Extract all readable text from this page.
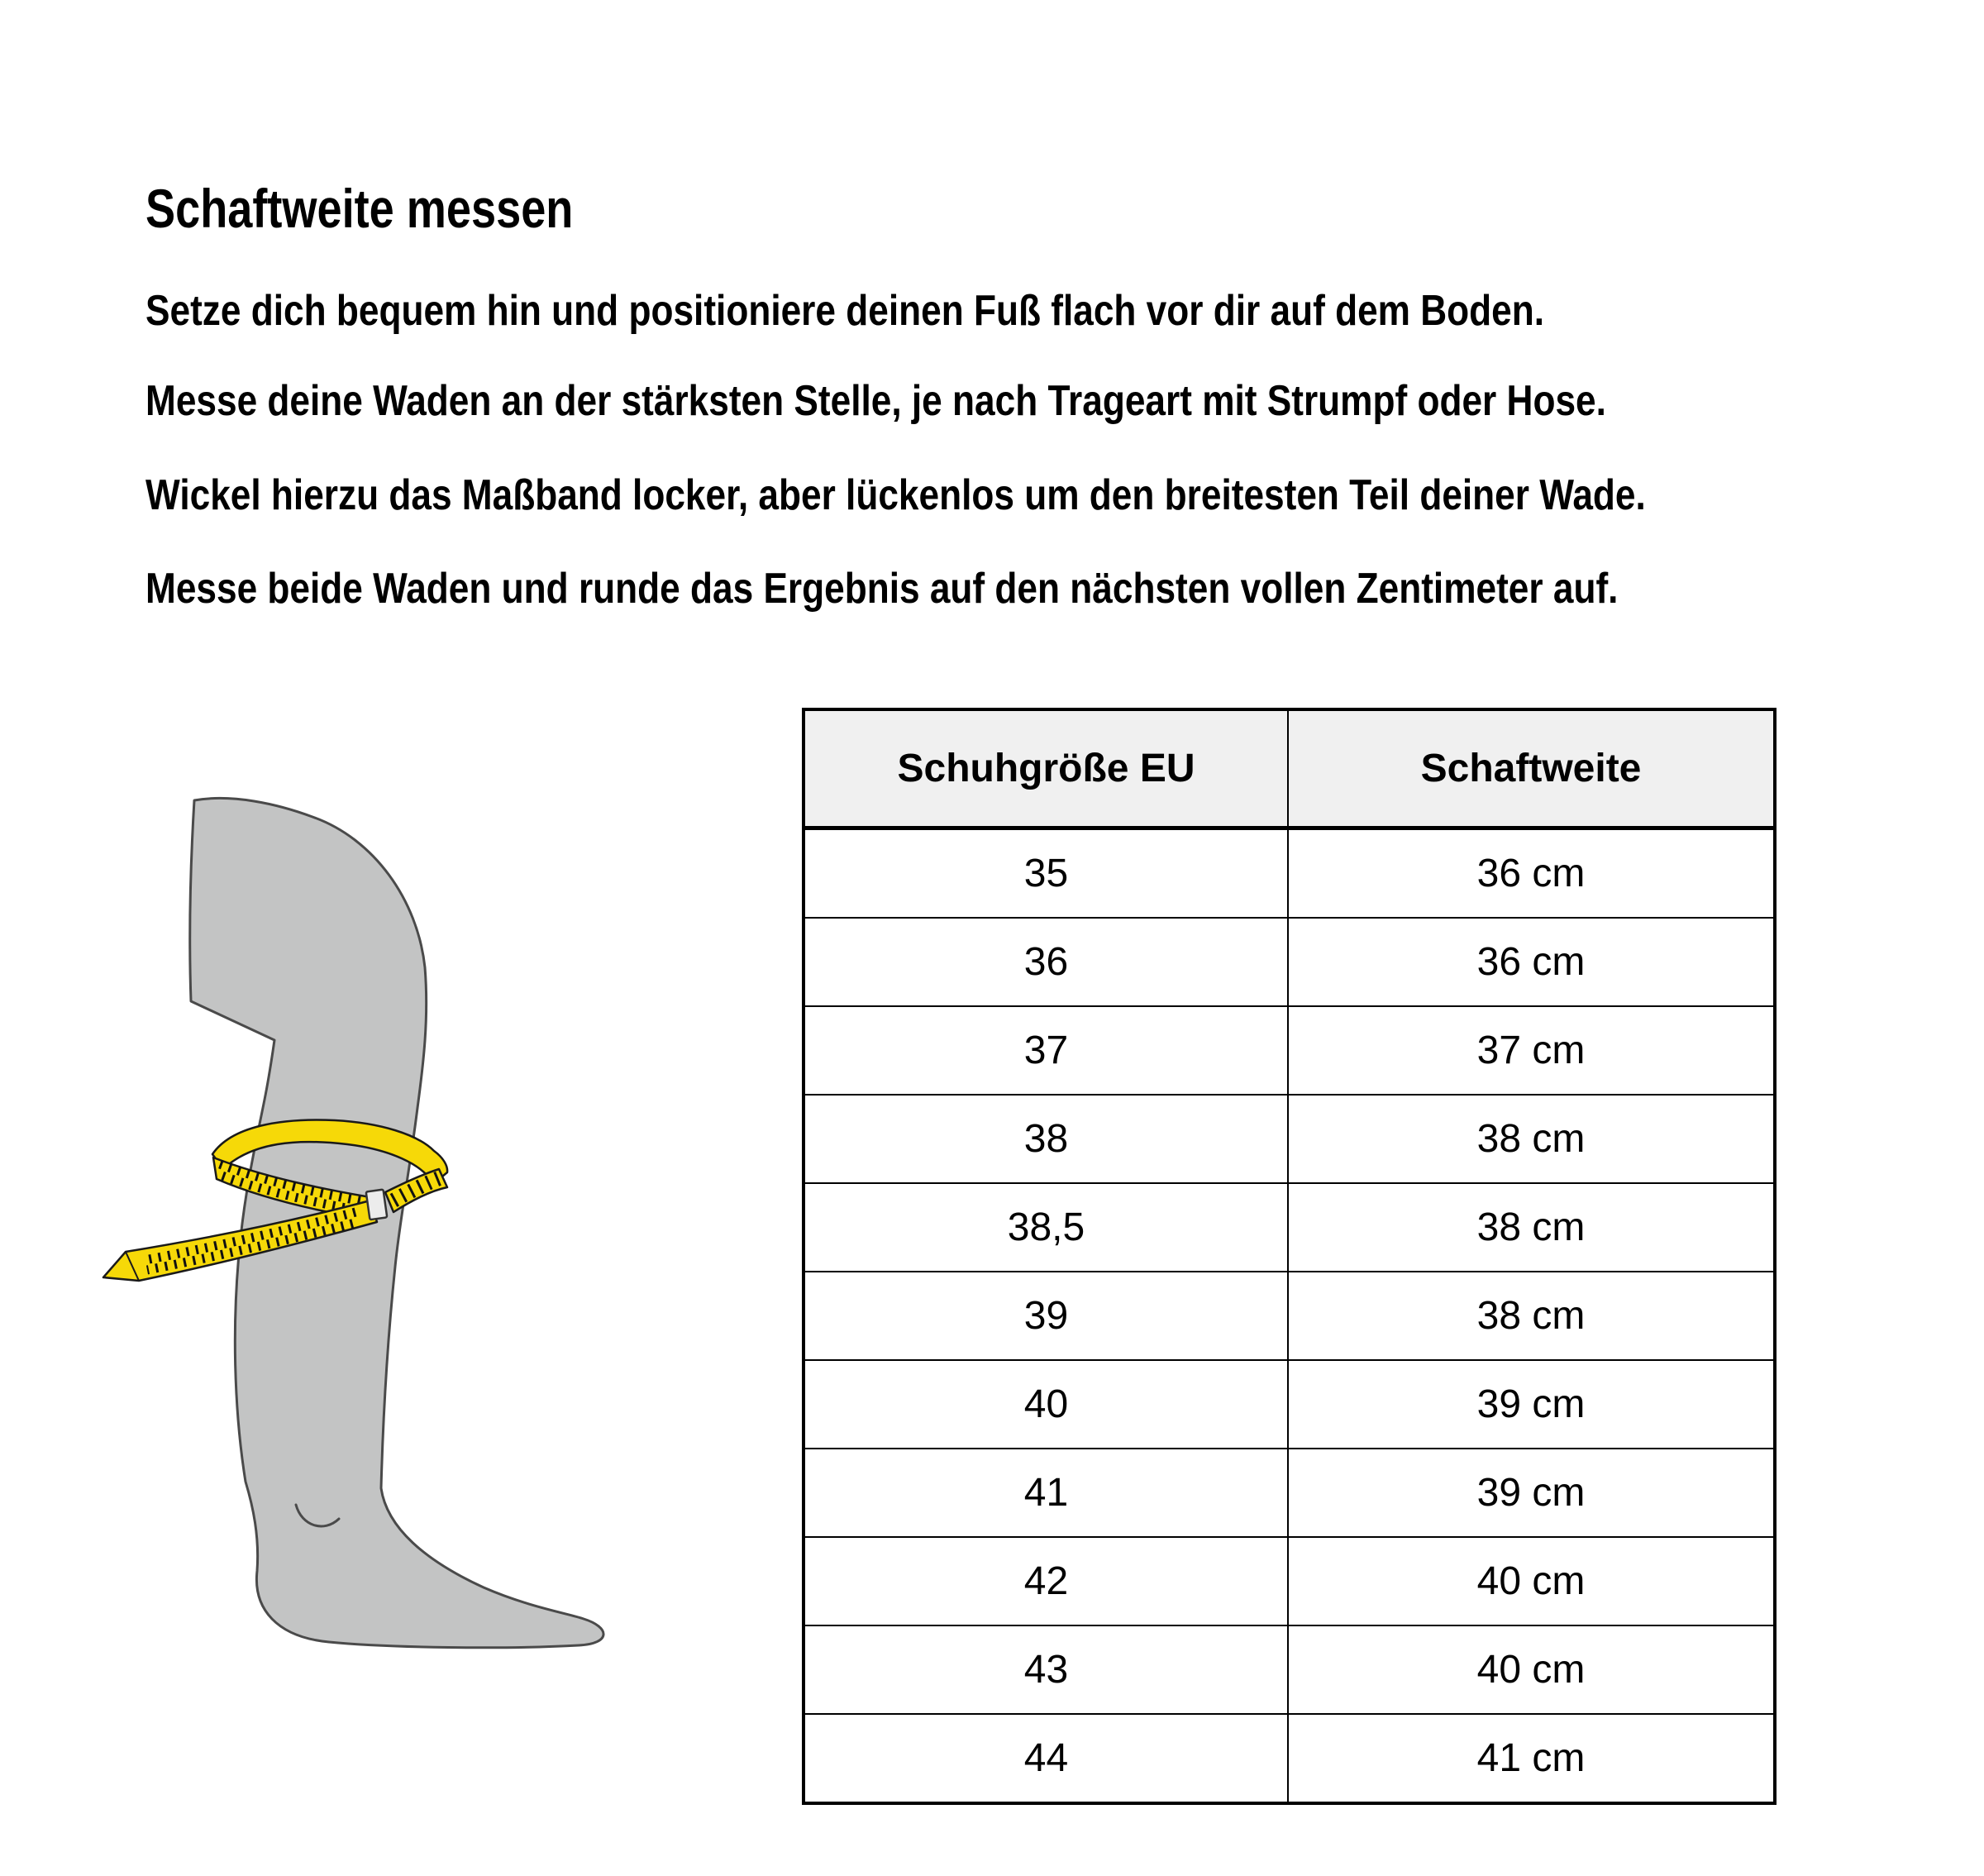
Schaftweite messen

Setze dich bequem hin und positioniere deinen Fuß flach vor dir auf dem Boden.

Messe deine Waden an der stärksten Stelle, je nach Trageart mit Strumpf oder Hose.

Wickel hierzu das Maßband locker, aber lückenlos um den breitesten Teil deiner Wade.

Messe beide Waden und runde das Ergebnis auf den nächsten vollen Zentimeter auf.

Schuhgröße EU	Schaftweite
35	36 cm
36	36 cm
37	37 cm
38	38 cm
38,5	38 cm
39	38 cm
40	39 cm
41	39 cm
42	40 cm
43	40 cm
44	41 cm
